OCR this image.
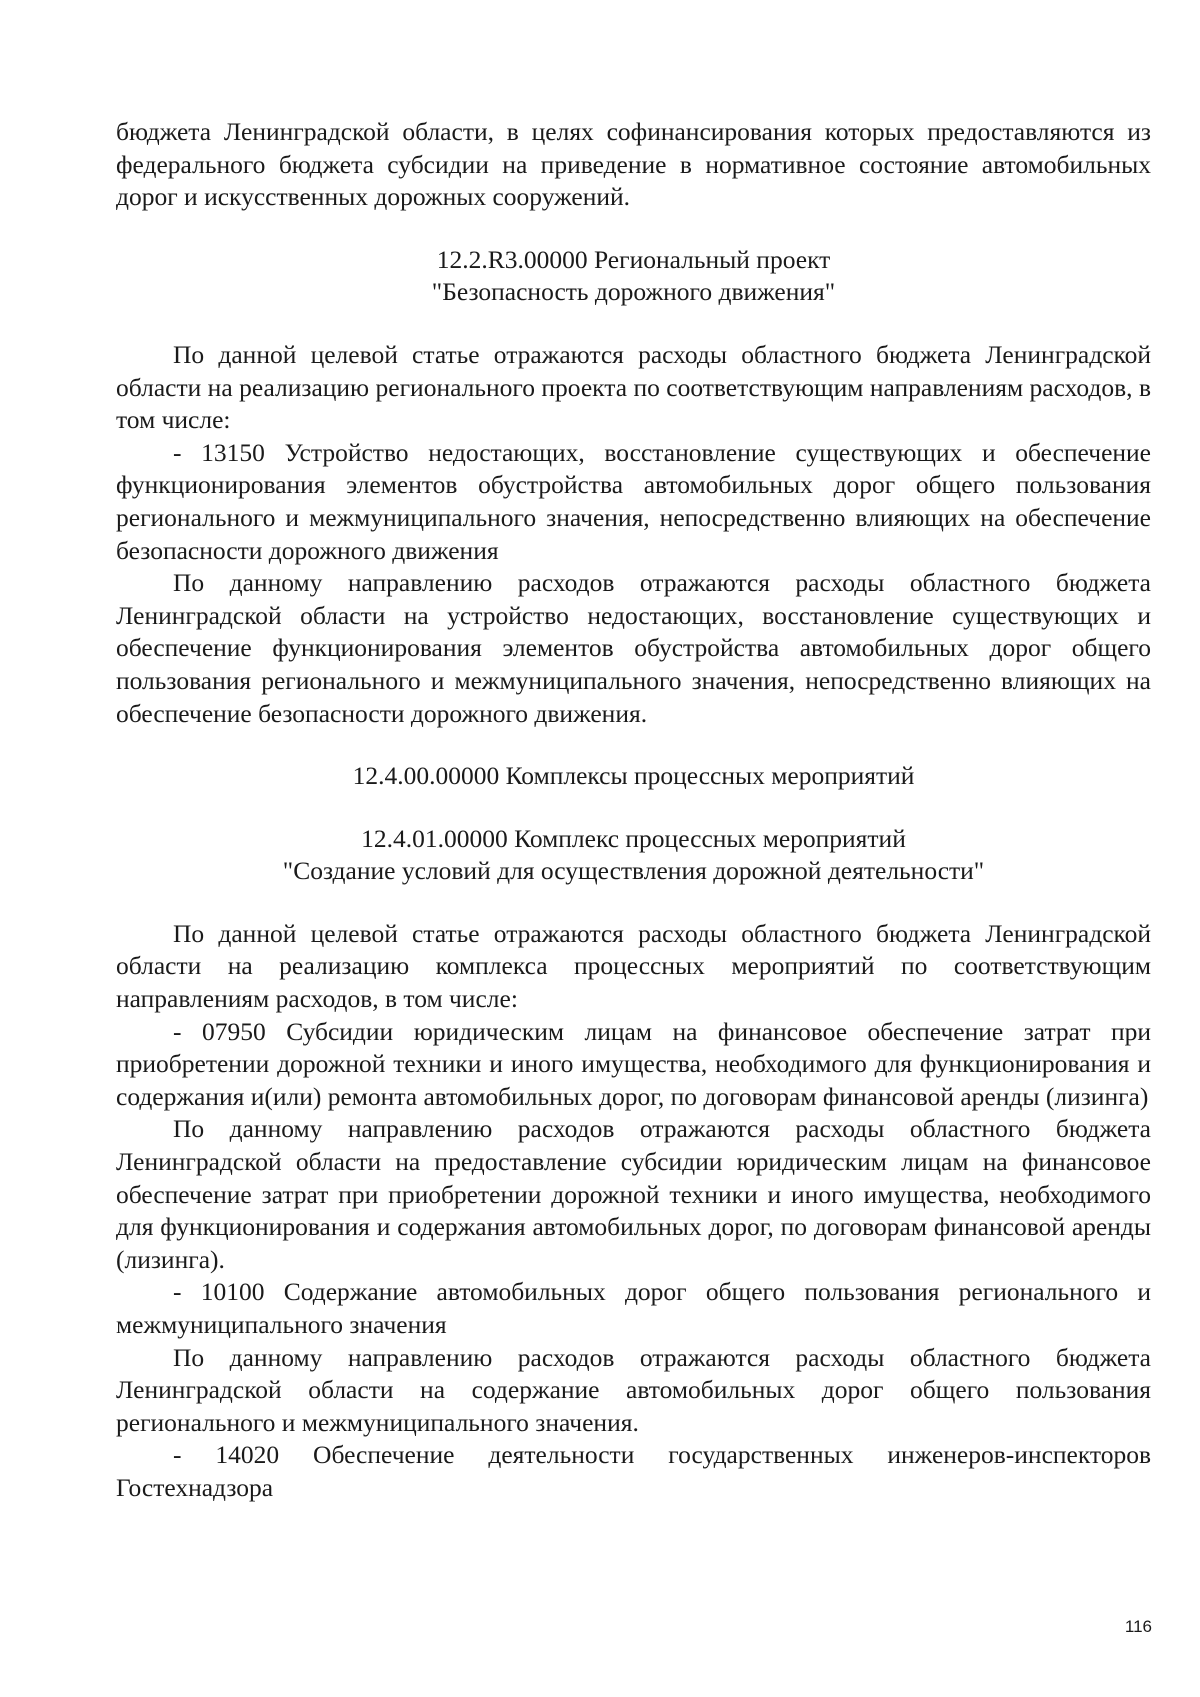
бюджета Ленинградской области, в целях софинансирования которых предоставляются из федерального бюджета субсидии на приведение в нормативное состояние автомобильных дорог и искусственных дорожных сооружений.

12.2.R3.00000 Региональный проект

"Безопасность дорожного движения"

По данной целевой статье отражаются расходы областного бюджета Ленинградской области на реализацию регионального проекта по соответствующим направлениям расходов, в том числе:

- 13150 Устройство недостающих, восстановление существующих и обеспечение функционирования элементов обустройства автомобильных дорог общего пользования регионального и межмуниципального значения, непосредственно влияющих на обеспечение безопасности дорожного движения

По данному направлению расходов отражаются расходы областного бюджета Ленинградской области на устройство недостающих, восстановление существующих и обеспечение функционирования элементов обустройства автомобильных дорог общего пользования регионального и межмуниципального значения, непосредственно влияющих на обеспечение безопасности дорожного движения.

12.4.00.00000 Комплексы процессных мероприятий

12.4.01.00000 Комплекс процессных мероприятий

"Создание условий для осуществления дорожной деятельности"

По данной целевой статье отражаются расходы областного бюджета Ленинградской области на реализацию комплекса процессных мероприятий по соответствующим направлениям расходов, в том числе:

- 07950 Субсидии юридическим лицам на финансовое обеспечение затрат при приобретении дорожной техники и иного имущества, необходимого для функционирования и содержания и(или) ремонта автомобильных дорог, по договорам финансовой аренды (лизинга)

По данному направлению расходов отражаются расходы областного бюджета Ленинградской области на предоставление субсидии юридическим лицам на финансовое обеспечение затрат при приобретении дорожной техники и иного имущества, необходимого для функционирования и содержания автомобильных дорог, по договорам финансовой аренды (лизинга).

- 10100 Содержание автомобильных дорог общего пользования регионального и межмуниципального значения

По данному направлению расходов отражаются расходы областного бюджета Ленинградской области на содержание автомобильных дорог общего пользования регионального и межмуниципального значения.

- 14020 Обеспечение деятельности государственных инженеров-инспекторов Гостехнадзора

116
